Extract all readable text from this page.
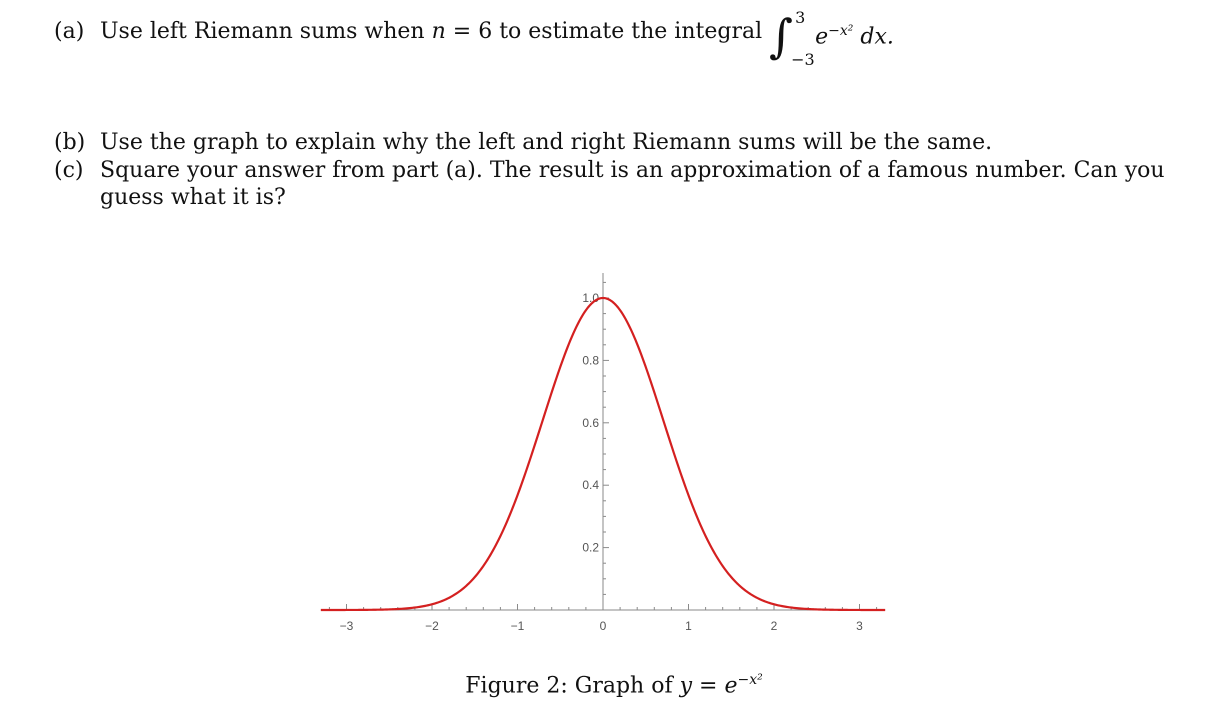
(a) Use left Riemann sums when n = 6 to estimate the integral ∫ 3
−3
$e^{-x^2}$ dx.
(b) Use the graph to explain why the left and right Riemann sums will be the same.
(c) Square your answer from part (a). The result is an approximation of a famous number. Can you guess what it is?
−3	−2	−1	0	1	2	3
0.2
0.4
0.6
0.8
1.0
Figure 2: Graph of $y = e^{-x^2}$
